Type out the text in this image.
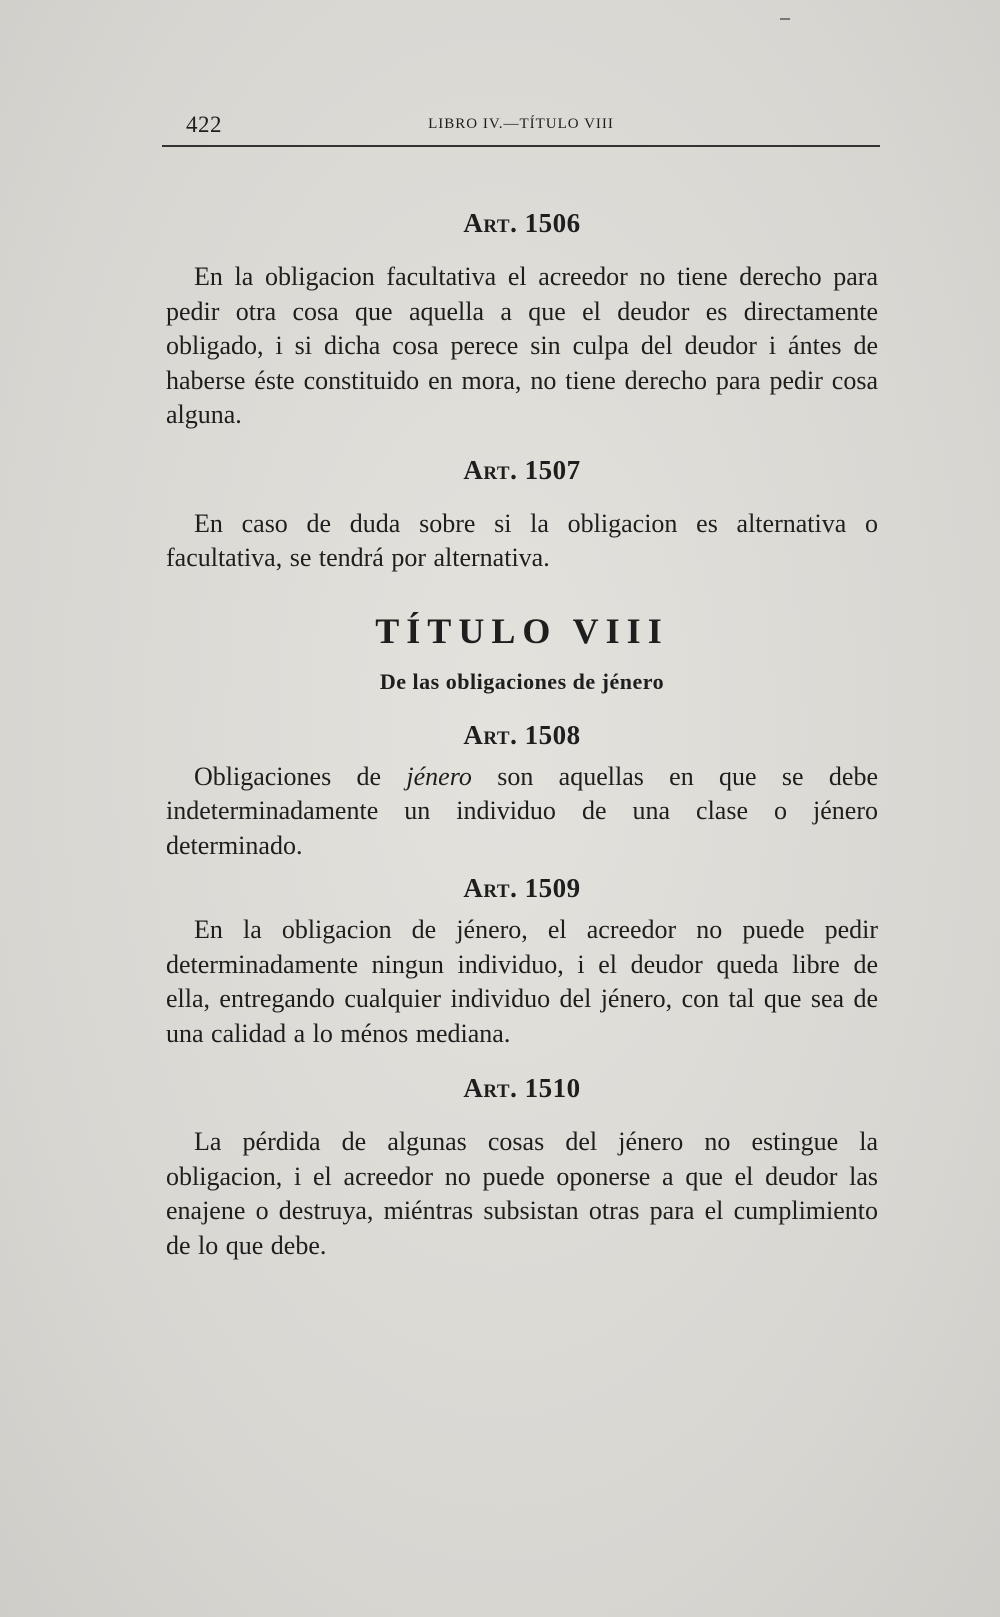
422	LIBRO IV.—TÍTULO VIII
Art. 1506

En la obligacion facultativa el acreedor no tiene derecho para pedir otra cosa que aquella a que el deudor es directamente obligado, i si dicha cosa perece sin culpa del deudor i ántes de haberse éste constituido en mora, no tiene derecho para pedir cosa alguna.

Art. 1507

En caso de duda sobre si la obligacion es alternativa o facultativa, se tendrá por alternativa.

TÍTULO VIII
De las obligaciones de jénero
Art. 1508

Obligaciones de jénero son aquellas en que se debe indeterminadamente un individuo de una clase o jénero determinado.

Art. 1509

En la obligacion de jénero, el acreedor no puede pedir determinadamente ningun individuo, i el deudor queda libre de ella, entregando cualquier individuo del jénero, con tal que sea de una calidad a lo ménos mediana.

Art. 1510

La pérdida de algunas cosas del jénero no estingue la obligacion, i el acreedor no puede oponerse a que el deudor las enajene o destruya, miéntras subsistan otras para el cumplimiento de lo que debe.
